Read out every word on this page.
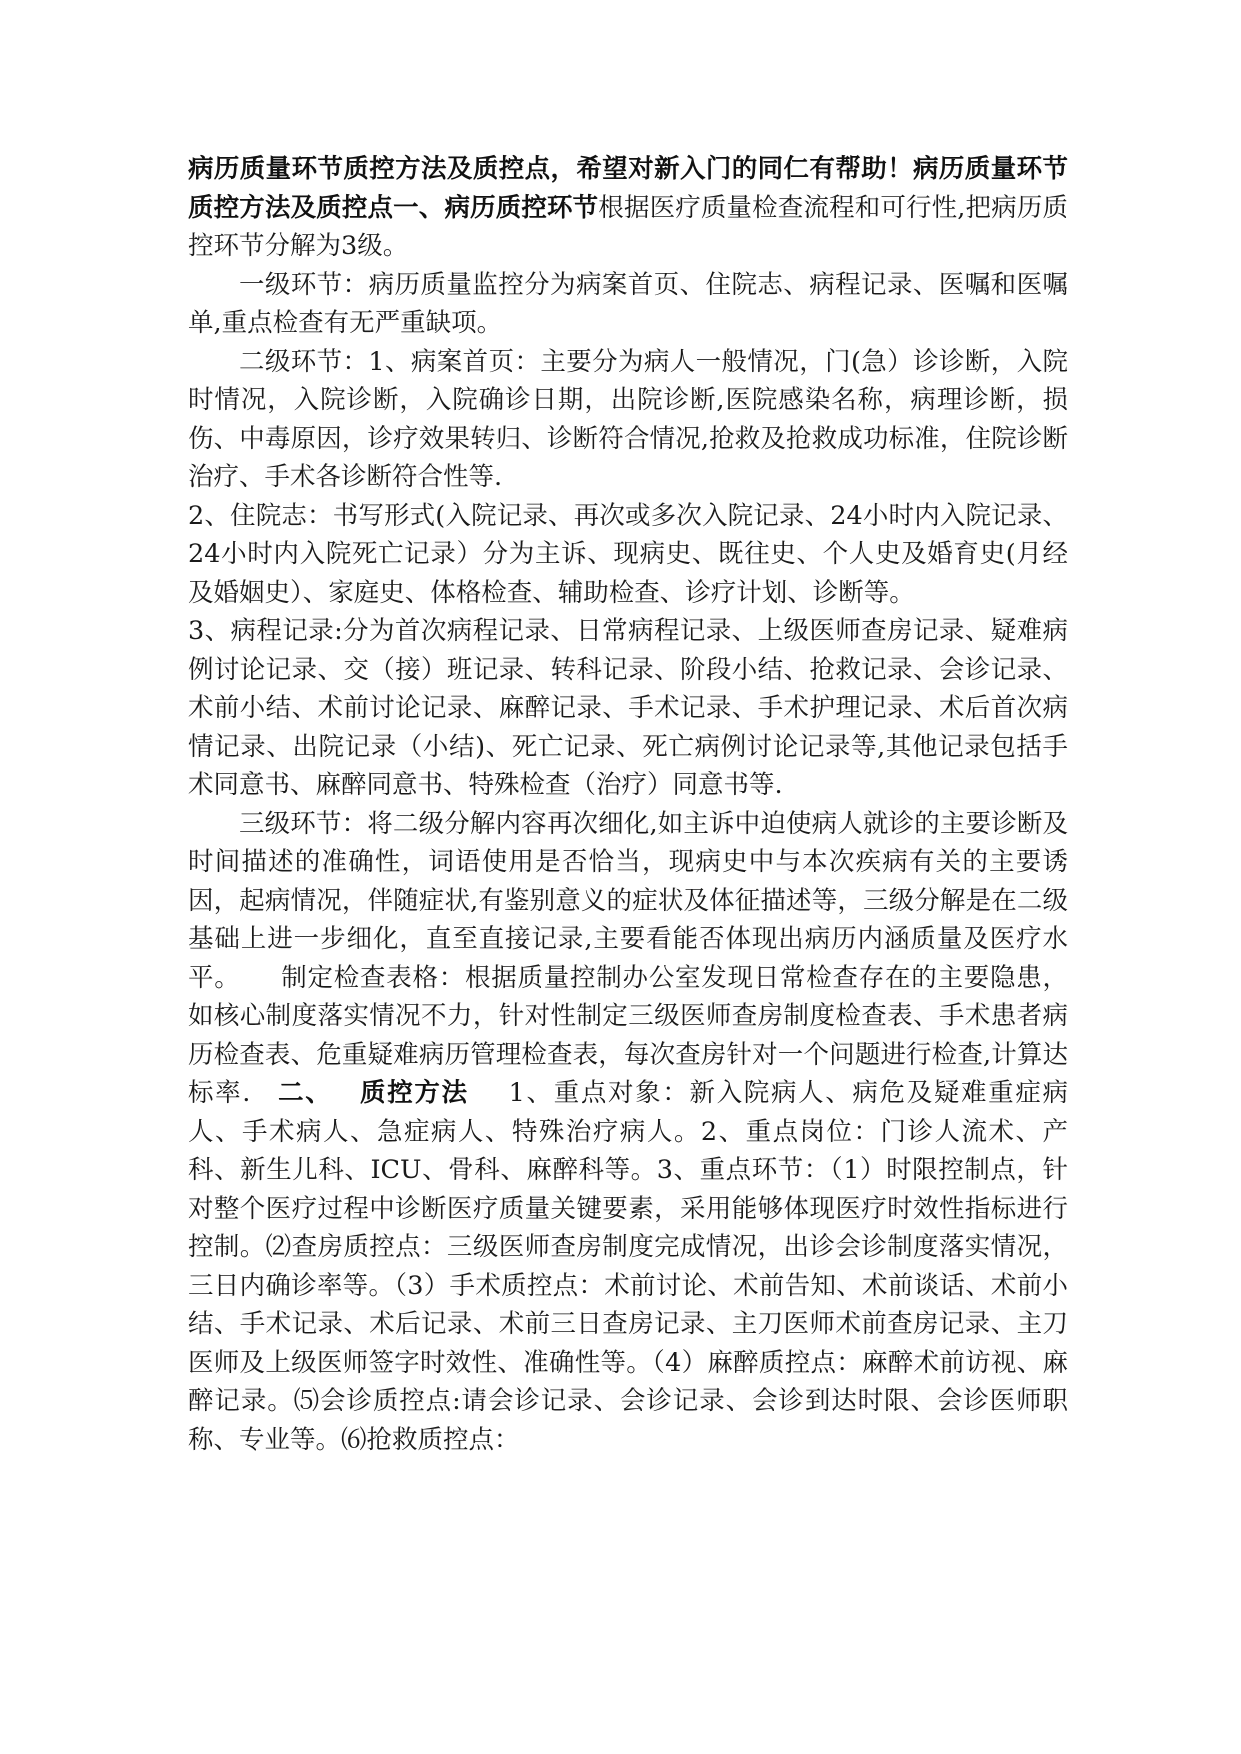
病历质量环节质控方法及质控点，希望对新入门的同仁有帮助！病历质量环节质控方法及质控点一、病历质控环节根据医疗质量检查流程和可行性,把病历质控环节分解为3级。

一级环节：病历质量监控分为病案首页、住院志、病程记录、医嘱和医嘱单,重点检查有无严重缺项。

二级环节：1、病案首页：主要分为病人一般情况，门(急）诊诊断，入院时情况，入院诊断，入院确诊日期，出院诊断,医院感染名称，病理诊断，损伤、中毒原因，诊疗效果转归、诊断符合情况,抢救及抢救成功标准，住院诊断治疗、手术各诊断符合性等.

2、住院志：书写形式(入院记录、再次或多次入院记录、24小时内入院记录、24小时内入院死亡记录）分为主诉、现病史、既往史、个人史及婚育史(月经及婚姻史）、家庭史、体格检查、辅助检查、诊疗计划、诊断等。

3、病程记录:分为首次病程记录、日常病程记录、上级医师查房记录、疑难病例讨论记录、交（接）班记录、转科记录、阶段小结、抢救记录、会诊记录、术前小结、术前讨论记录、麻醉记录、手术记录、手术护理记录、术后首次病情记录、出院记录（小结)、死亡记录、死亡病例讨论记录等,其他记录包括手术同意书、麻醉同意书、特殊检查（治疗）同意书等.

三级环节：将二级分解内容再次细化,如主诉中迫使病人就诊的主要诊断及时间描述的准确性，词语使用是否恰当，现病史中与本次疾病有关的主要诱因，起病情况，伴随症状,有鉴别意义的症状及体征描述等，三级分解是在二级基础上进一步细化，直至直接记录,主要看能否体现出病历内涵质量及医疗水平。 制定检查表格：根据质量控制办公室发现日常检查存在的主要隐患，如核心制度落实情况不力，针对性制定三级医师查房制度检查表、手术患者病历检查表、危重疑难病历管理检查表，每次查房针对一个问题进行检查,计算达标率. 二、 质控方法 1、重点对象：新入院病人、病危及疑难重症病人、手术病人、急症病人、特殊治疗病人。2、重点岗位：门诊人流术、产科、新生儿科、ICU、骨科、麻醉科等。3、重点环节：（1）时限控制点，针对整个医疗过程中诊断医疗质量关键要素，采用能够体现医疗时效性指标进行控制。⑵查房质控点：三级医师查房制度完成情况，出诊会诊制度落实情况，三日内确诊率等。（3）手术质控点：术前讨论、术前告知、术前谈话、术前小结、手术记录、术后记录、术前三日查房记录、主刀医师术前查房记录、主刀医师及上级医师签字时效性、准确性等。（4）麻醉质控点：麻醉术前访视、麻醉记录。⑸会诊质控点:请会诊记录、会诊记录、会诊到达时限、会诊医师职称、专业等。⑹抢救质控点：
